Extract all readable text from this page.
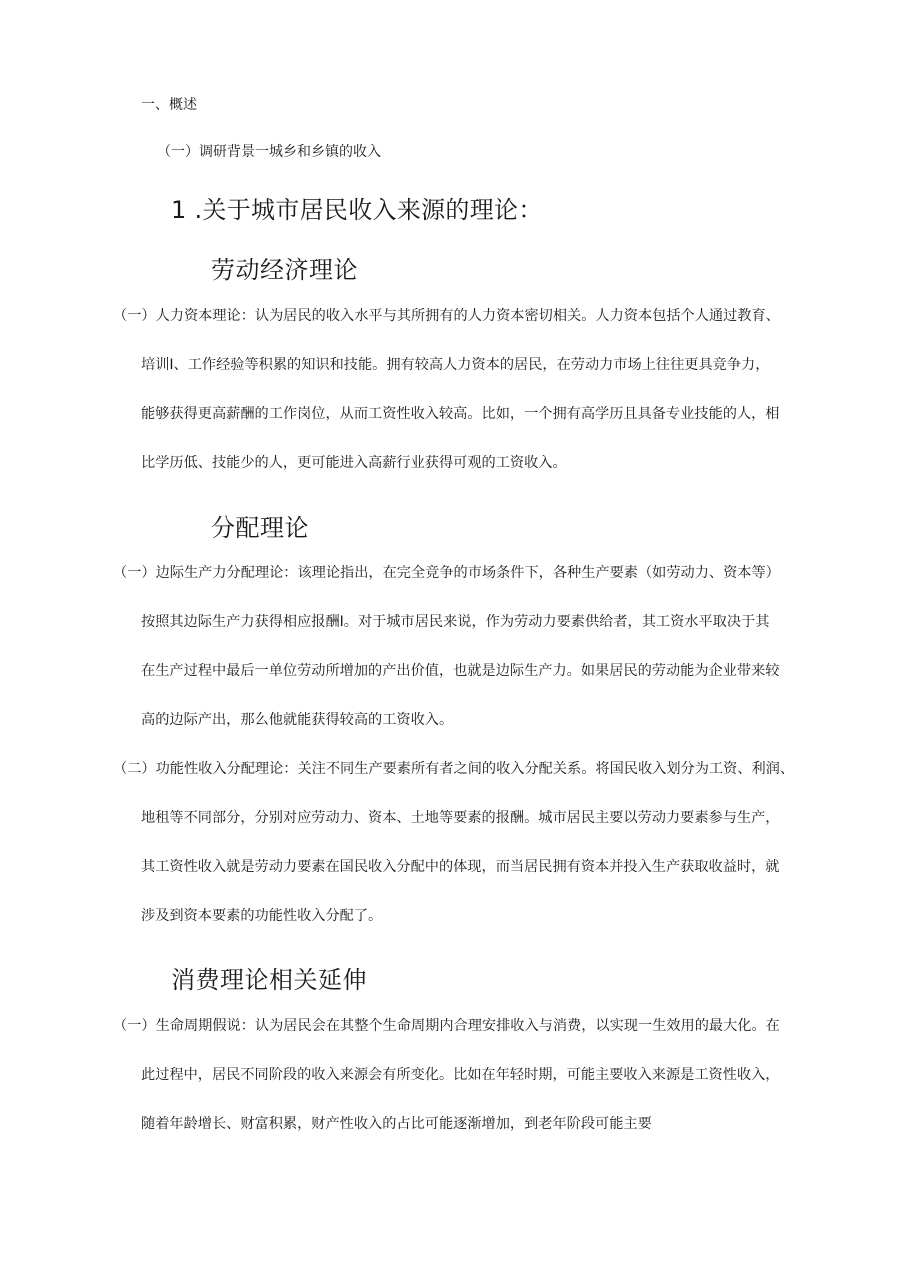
一、概述
（一）调研背景一城乡和乡镇的收入
1 .关于城市居民收入来源的理论：
劳动经济理论
（一）人力资本理论：认为居民的收入水平与其所拥有的人力资本密切相关。人力资本包括个人通过教育、
培训I、工作经验等积累的知识和技能。拥有较高人力资本的居民，在劳动力市场上往往更具竞争力，
能够获得更高薪酬的工作岗位，从而工资性收入较高。比如，一个拥有高学历且具备专业技能的人，相
比学历低、技能少的人，更可能进入高薪行业获得可观的工资收入。
分配理论
（一）边际生产力分配理论：该理论指出，在完全竞争的市场条件下，各种生产要素（如劳动力、资本等）
按照其边际生产力获得相应报酬I。对于城市居民来说，作为劳动力要素供给者，其工资水平取决于其
在生产过程中最后一单位劳动所增加的产出价值，也就是边际生产力。如果居民的劳动能为企业带来较
高的边际产出，那么他就能获得较高的工资收入。
（二）功能性收入分配理论：关注不同生产要素所有者之间的收入分配关系。将国民收入划分为工资、利润、
地租等不同部分，分别对应劳动力、资本、土地等要素的报酬。城市居民主要以劳动力要素参与生产，
其工资性收入就是劳动力要素在国民收入分配中的体现，而当居民拥有资本并投入生产获取收益时，就
涉及到资本要素的功能性收入分配了。
消费理论相关延伸
（一）生命周期假说：认为居民会在其整个生命周期内合理安排收入与消费，以实现一生效用的最大化。在
此过程中，居民不同阶段的收入来源会有所变化。比如在年轻时期，可能主要收入来源是工资性收入，
随着年龄增长、财富积累，财产性收入的占比可能逐渐增加，到老年阶段可能主要
